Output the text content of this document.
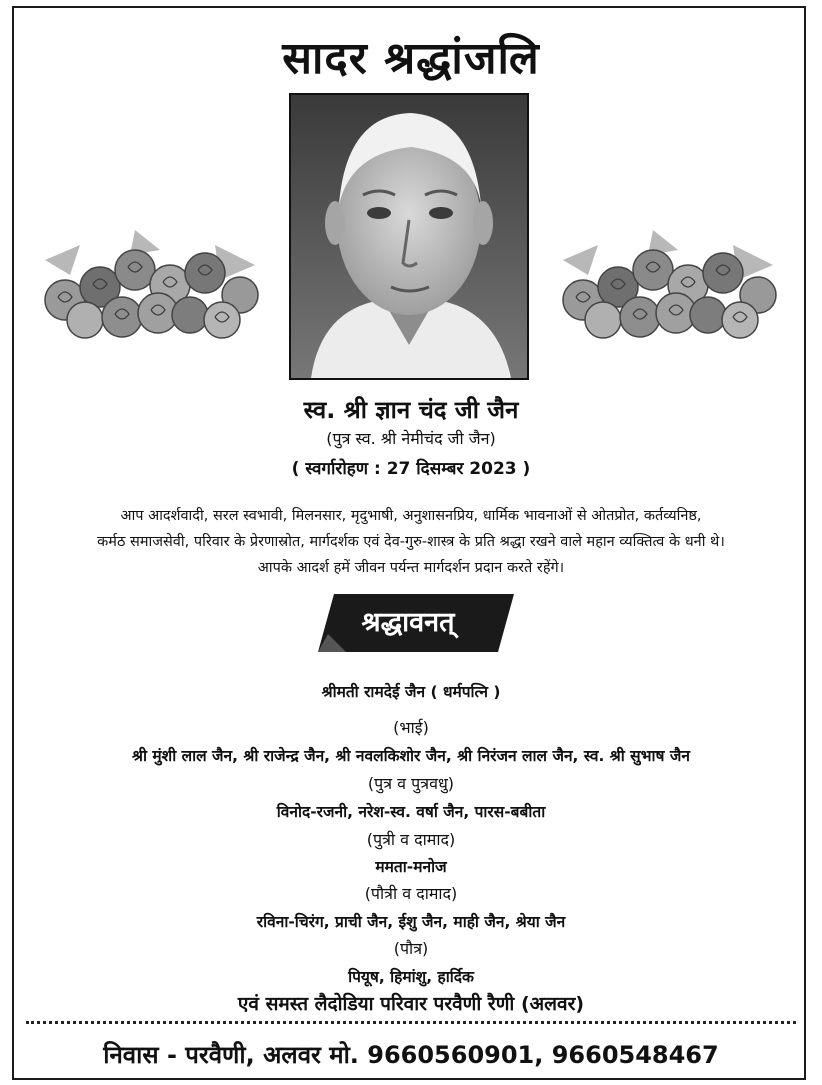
सादर श्रद्धांजलि
स्व. श्री ज्ञान चंद जी जैन
(पुत्र स्व. श्री नेमीचंद जी जैन)
( स्वर्गारोहण : 27 दिसम्बर 2023 )
आप आदर्शवादी, सरल स्वभावी, मिलनसार, मृदुभाषी, अनुशासनप्रिय, धार्मिक भावनाओं से ओतप्रोत, कर्तव्यनिष्ठ,
कर्मठ समाजसेवी, परिवार के प्रेरणास्रोत, मार्गदर्शक एवं देव-गुरु-शास्त्र के प्रति श्रद्धा रखने वाले महान व्यक्तित्व के धनी थे।
आपके आदर्श हमें जीवन पर्यन्त मार्गदर्शन प्रदान करते रहेंगे।
श्रद्धावनत्
श्रीमती रामदेई जैन ( धर्मपत्नि )
(भाई)
श्री मुंशी लाल जैन, श्री राजेन्द्र जैन, श्री नवलकिशोर जैन, श्री निरंजन लाल जैन, स्व. श्री सुभाष जैन
(पुत्र व पुत्रवधु)
विनोद-रजनी, नरेश-स्व. वर्षा जैन, पारस-बबीता
(पुत्री व दामाद)
ममता-मनोज
(पौत्री व दामाद)
रविना-चिरंग, प्राची जैन, ईशु जैन, माही जैन, श्रेया जैन
(पौत्र)
पियूष, हिमांशु, हार्दिक
एवं समस्त लैदोडिया परिवार परवैणी रैणी (अलवर)
निवास - परवैणी, अलवर मो. 9660560901, 9660548467
